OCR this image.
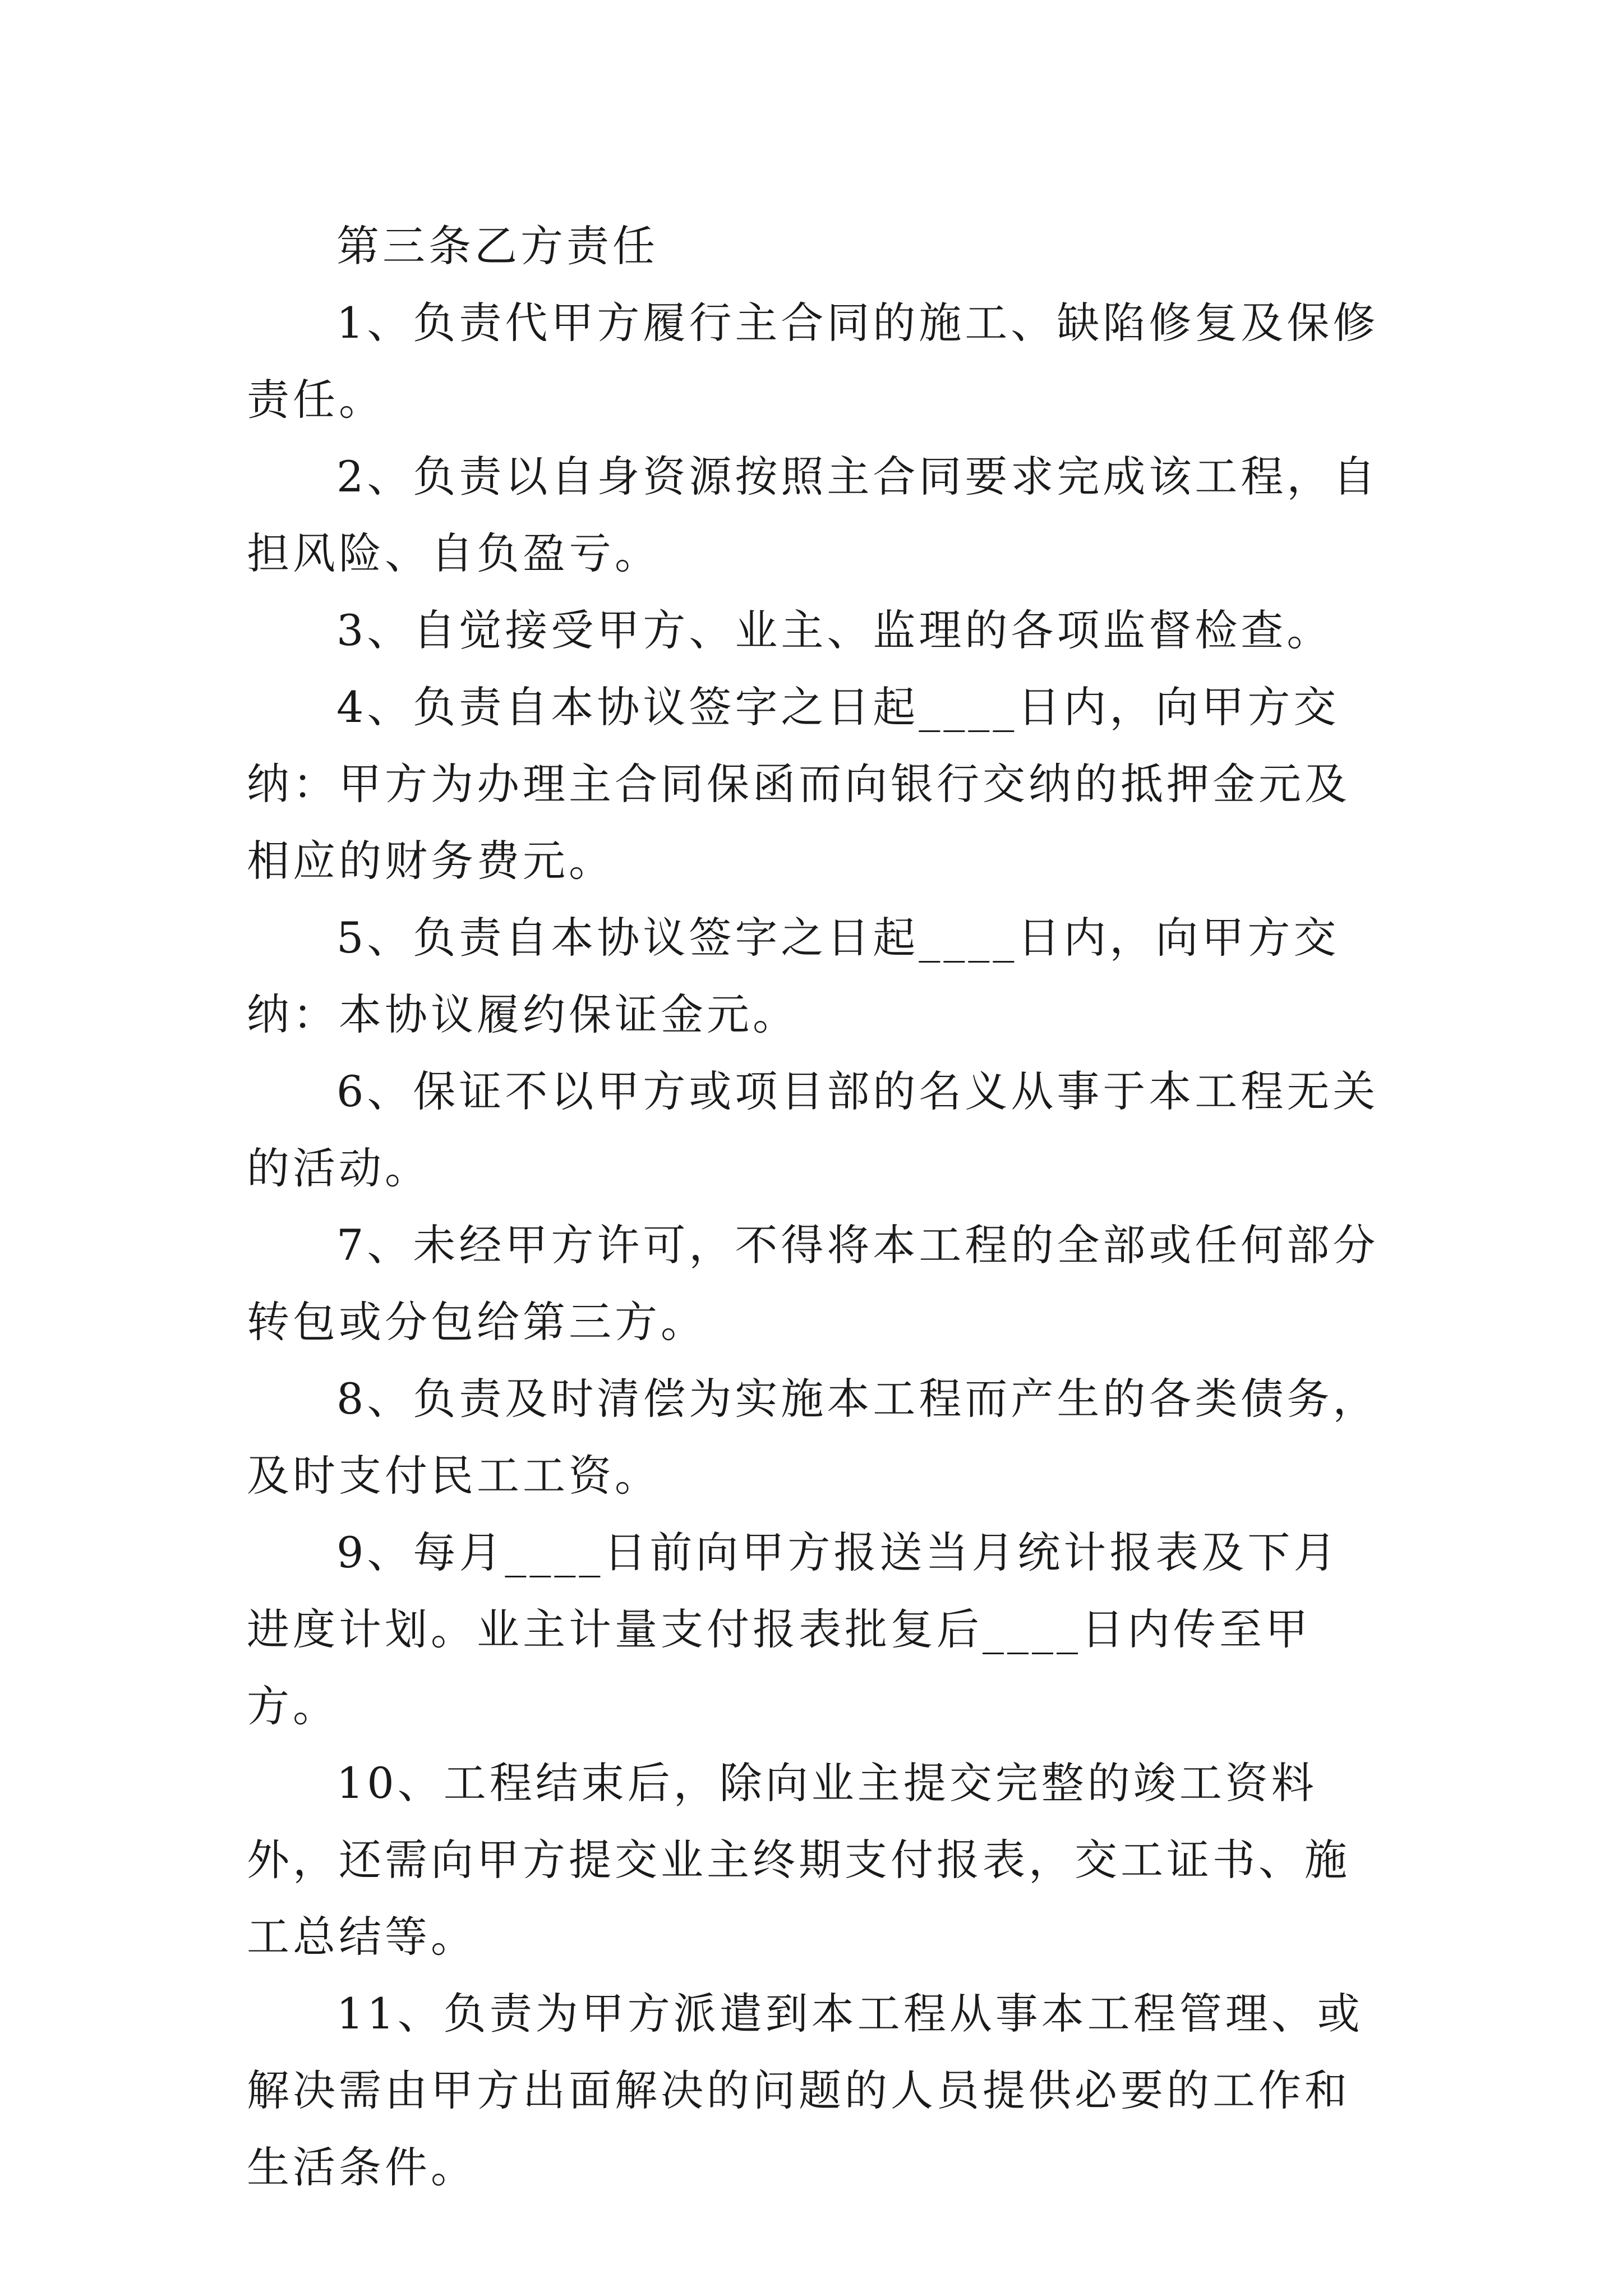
第三条乙方责任

1、负责代甲方履行主合同的施工、缺陷修复及保修责任。

2、负责以自身资源按照主合同要求完成该工程，自担风险、自负盈亏。

3、自觉接受甲方、业主、监理的各项监督检查。

4、负责自本协议签字之日起____日内，向甲方交纳：甲方为办理主合同保函而向银行交纳的抵押金元及相应的财务费元。

5、负责自本协议签字之日起____日内，向甲方交纳：本协议履约保证金元。

6、保证不以甲方或项目部的名义从事于本工程无关的活动。

7、未经甲方许可，不得将本工程的全部或任何部分转包或分包给第三方。

8、负责及时清偿为实施本工程而产生的各类债务，及时支付民工工资。

9、每月____日前向甲方报送当月统计报表及下月进度计划。业主计量支付报表批复后____日内传至甲方。

10、工程结束后，除向业主提交完整的竣工资料外，还需向甲方提交业主终期支付报表，交工证书、施工总结等。

11、负责为甲方派遣到本工程从事本工程管理、或解决需由甲方出面解决的问题的人员提供必要的工作和生活条件。
